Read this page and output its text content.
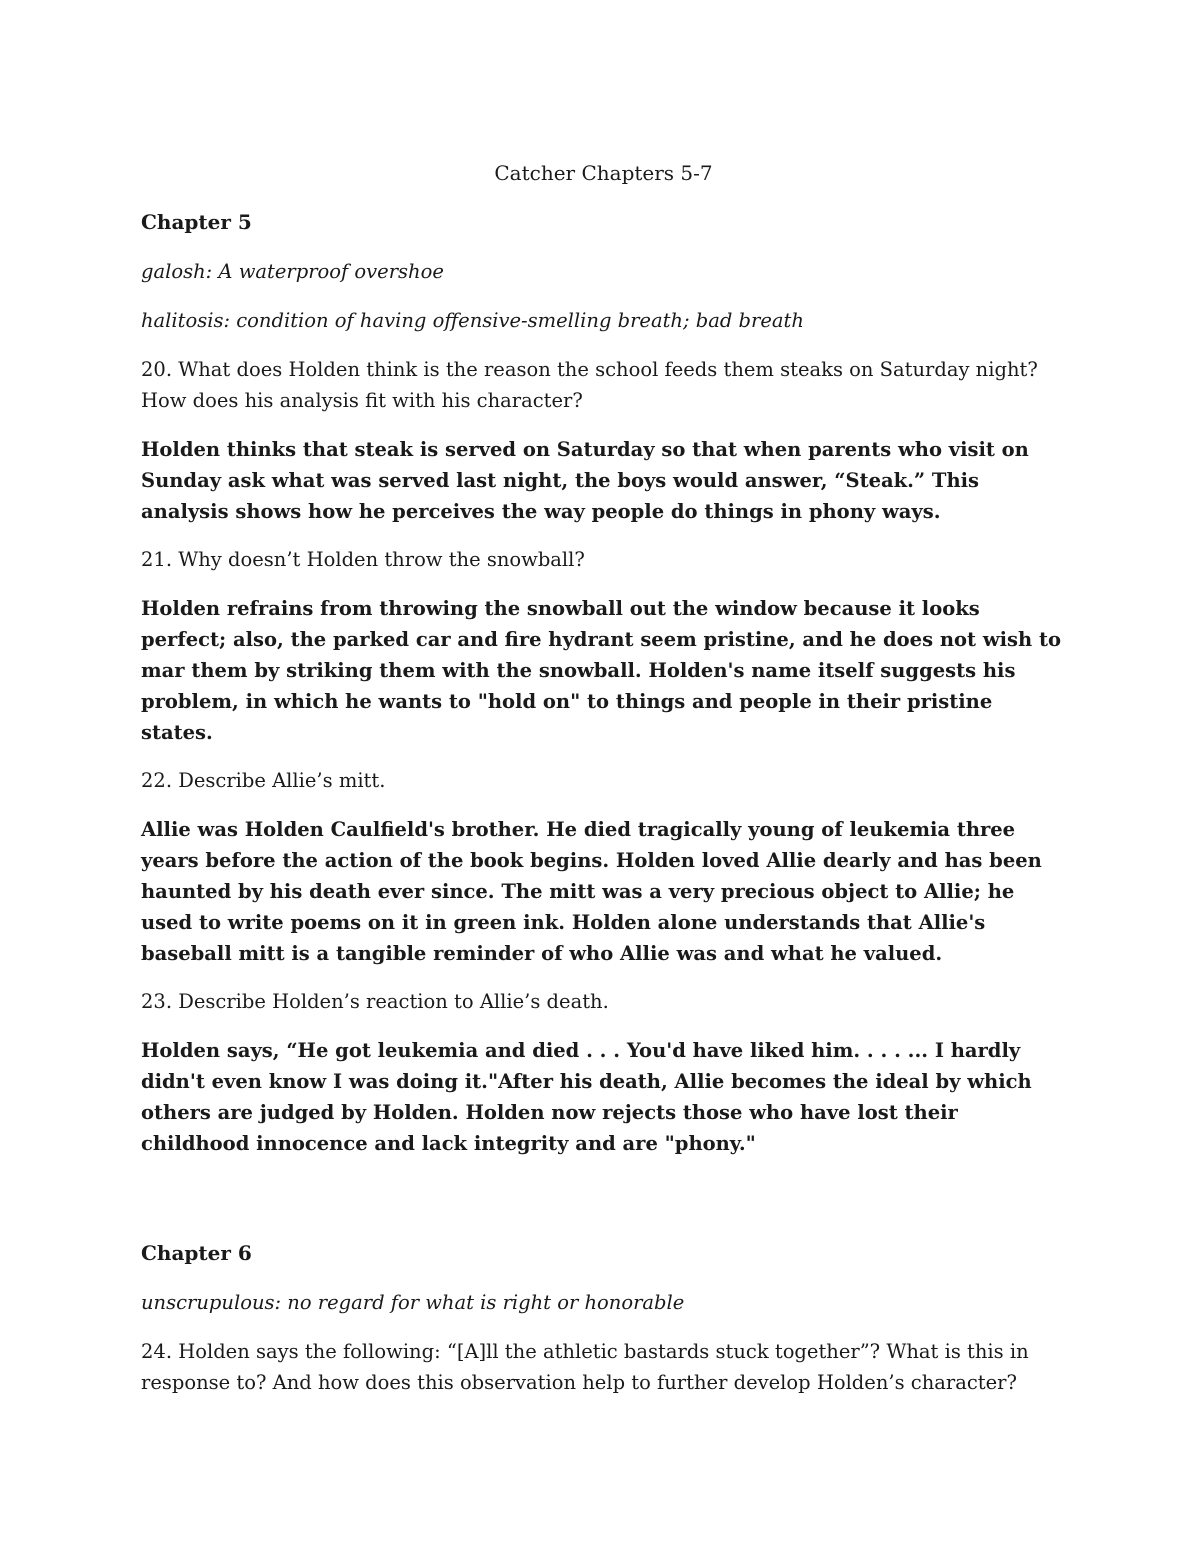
Catcher Chapters 5-7
Chapter 5
galosh: A waterproof overshoe
halitosis: condition of having offensive-smelling breath; bad breath
20. What does Holden think is the reason the school feeds them steaks on Saturday night? How does his analysis fit with his character?
Holden thinks that steak is served on Saturday so that when parents who visit on Sunday ask what was served last night, the boys would answer, “Steak.” This analysis shows how he perceives the way people do things in phony ways.
21. Why doesn’t Holden throw the snowball?
Holden refrains from throwing the snowball out the window because it looks perfect; also, the parked car and fire hydrant seem pristine, and he does not wish to mar them by striking them with the snowball. Holden's name itself suggests his problem, in which he wants to "hold on" to things and people in their pristine states.
22. Describe Allie’s mitt.
Allie was Holden Caulfield's brother. He died tragically young of leukemia three years before the action of the book begins. Holden loved Allie dearly and has been haunted by his death ever since. The mitt was a very precious object to Allie; he used to write poems on it in green ink. Holden alone understands that Allie's baseball mitt is a tangible reminder of who Allie was and what he valued.
23. Describe Holden’s reaction to Allie’s death.
Holden says, “He got leukemia and died . . . You'd have liked him. . . . ... I hardly didn't even know I was doing it."After his death, Allie becomes the ideal by which others are judged by Holden. Holden now rejects those who have lost their childhood innocence and lack integrity and are "phony."
Chapter 6
unscrupulous: no regard for what is right or honorable
24. Holden says the following: “[A]ll the athletic bastards stuck together”? What is this in response to? And how does this observation help to further develop Holden’s character?
